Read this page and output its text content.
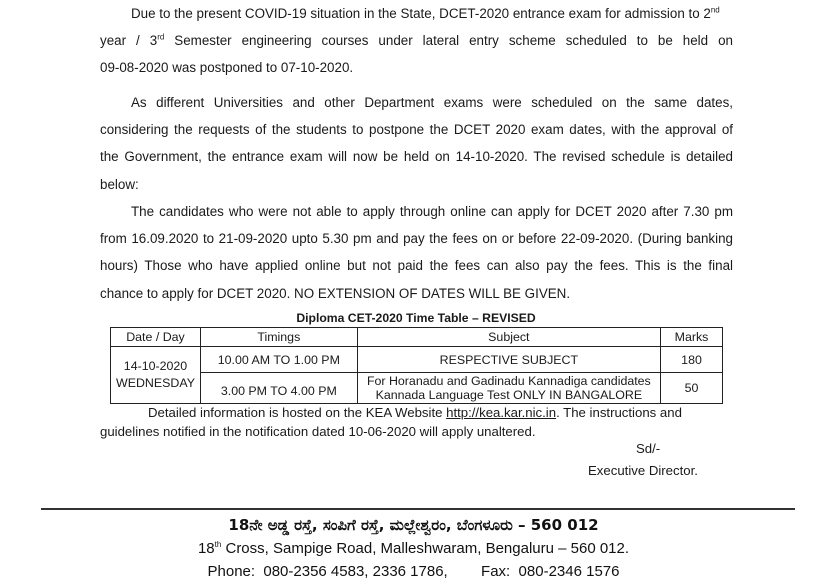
Due to the present COVID-19 situation in the State, DCET-2020 entrance exam for admission to 2nd
year / 3rd Semester engineering courses under lateral entry scheme scheduled to be held on
09-08-2020 was postponed to 07-10-2020.
As different Universities and other Department exams were scheduled on the same dates,
considering the requests of the students to postpone the DCET 2020 exam dates, with the approval of
the Government, the entrance exam will now be held on 14-10-2020. The revised schedule is detailed
below:
The candidates who were not able to apply through online can apply for DCET 2020 after 7.30 pm
from 16.09.2020 to 21-09-2020 upto 5.30 pm and pay the fees on or before 22-09-2020. (During banking
hours) Those who have applied online but not paid the fees can also pay the fees. This is the final
chance to apply for DCET 2020. NO EXTENSION OF DATES WILL BE GIVEN.
Diploma CET-2020 Time Table – REVISED
Date / Day	Timings	Subject	Marks

14-10-2020
WEDNESDAY	10.00 AM TO 1.00 PM	RESPECTIVE SUBJECT	180
	3.00 PM TO 4.00 PM	For Horanadu and Gadinadu Kannadiga candidates
Kannada Language Test ONLY IN BANGALORE	50
Detailed information is hosted on the KEA Website http://kea.kar.nic.in. The instructions and
guidelines notified in the notification dated 10-06-2020 will apply unaltered.
Sd/-
Executive Director.
18ನೇ ಅಡ್ಡ ರಸ್ತೆ, ಸಂಪಿಗೆ ರಸ್ತೆ, ಮಲ್ಲೇಶ್ವರಂ, ಬೆಂಗಳೂರು – 560 012
18th Cross, Sampige Road, Malleshwaram, Bengaluru – 560 012.
Phone:  080-2356 4583, 2336 1786,        Fax:  080-2346 1576
